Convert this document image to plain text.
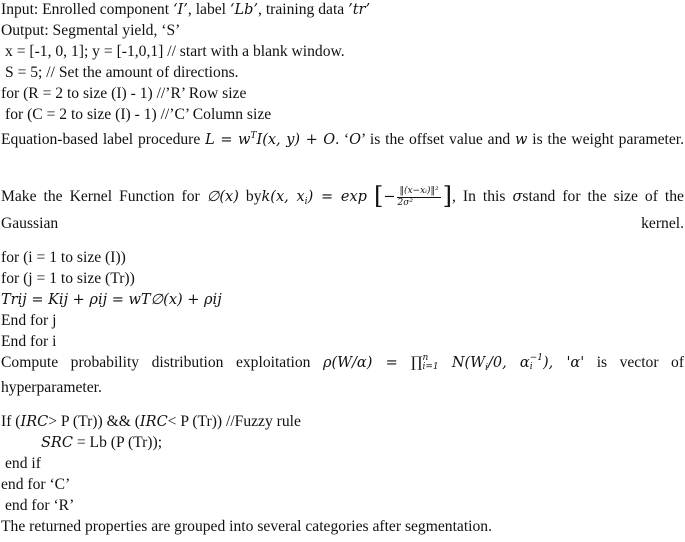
Input: Enrolled component ‘I’, label ‘Lb’, training data ’tr’
Output: Segmental yield, ‘S’
x = [-1, 0, 1]; y = [-1,0,1] // start with a blank window.
S = 5; // Set the amount of directions.
for (R = 2 to size (I) - 1) //’R’ Row size
for (C = 2 to size (I) - 1) //’C’ Column size
Equation-based label procedure $L = w^TI(x$, y) + O. ‘O’ is the offset value and w is the weight parameter.
Make the Kernel Function for ∅(x) byk(x, $x_i) = \exp$ [− $\frac{\text{‖(x−xᵢ)‖²}}{\text{2σ²}}$ ], In this σstand for the size of the Gaussian kernel.
for (i = 1 to size (I))
for (j = 1 to size (Tr))
Trij = Kij + ρij = wT∅(x) + ρij
End for j
End for i
Compute probability distribution exploitation ρ(W/α) = ∏ n
i=1 $N(W_i/0$, α −1
i ), 'α' is vector of hyperparameter.
If (IRC> P (Tr)) && (IRC< P (Tr)) //Fuzzy rule
SRC = Lb (P (Tr));
end if
end for ‘C’
end for ‘R’
The returned properties are grouped into several categories after segmentation.
